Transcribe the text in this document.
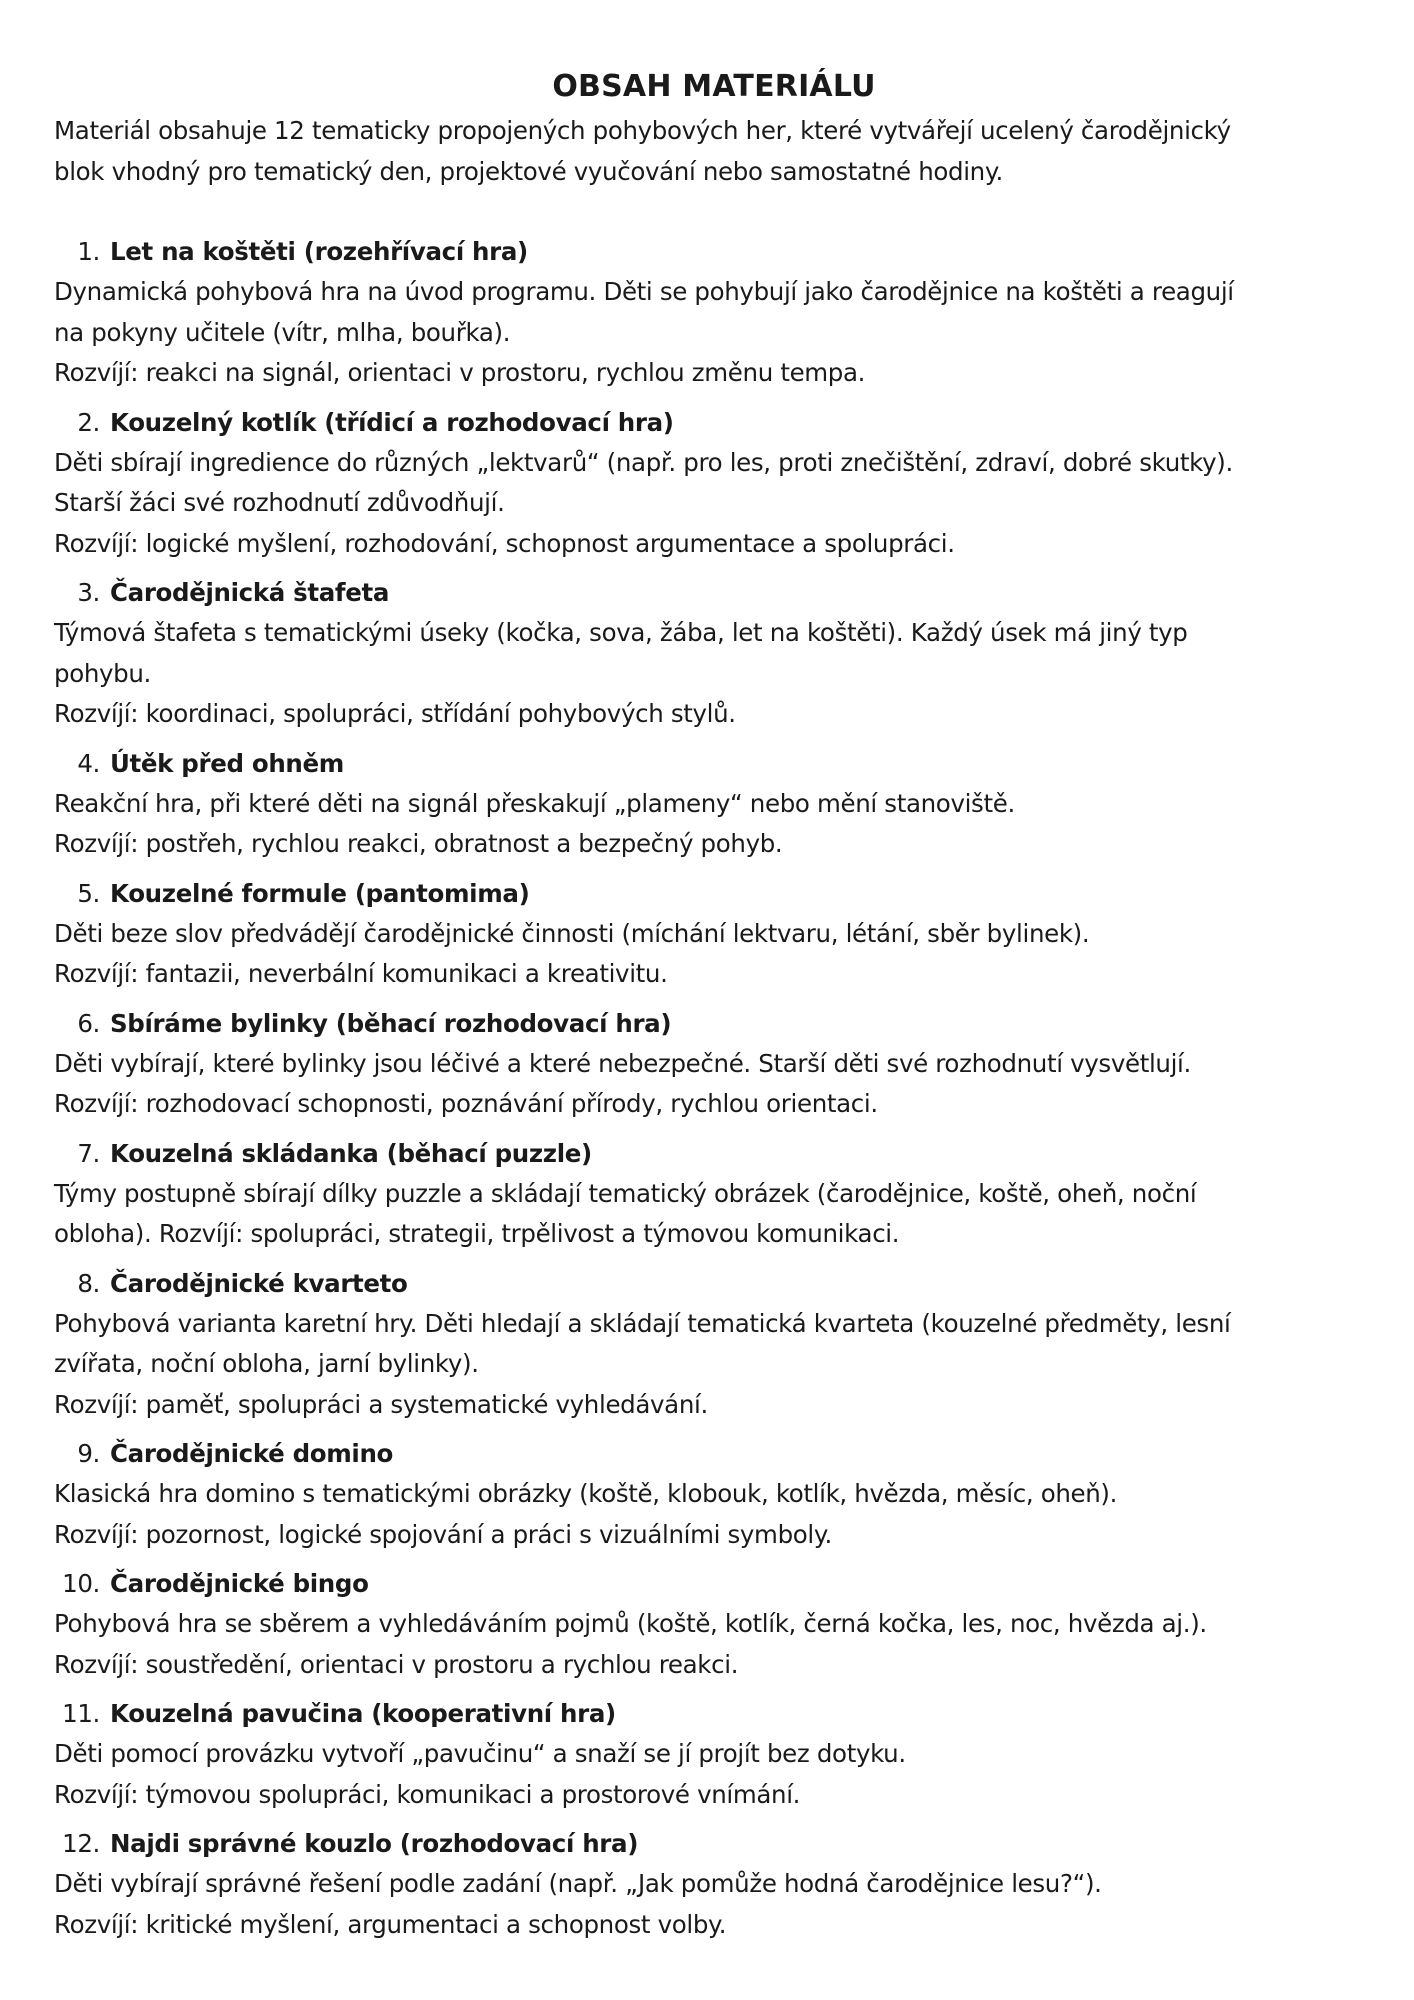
OBSAH MATERIÁLU
Materiál obsahuje 12 tematicky propojených pohybových her, které vytvářejí ucelený čarodějnický
blok vhodný pro tematický den, projektové vyučování nebo samostatné hodiny.
1. Let na koštěti (rozehřívací hra)
Dynamická pohybová hra na úvod programu. Děti se pohybují jako čarodějnice na koštěti a reagují
na pokyny učitele (vítr, mlha, bouřka).
Rozvíjí: reakci na signál, orientaci v prostoru, rychlou změnu tempa.
2. Kouzelný kotlík (třídicí a rozhodovací hra)
Děti sbírají ingredience do různých „lektvarů“ (např. pro les, proti znečištění, zdraví, dobré skutky).
Starší žáci své rozhodnutí zdůvodňují.
Rozvíjí: logické myšlení, rozhodování, schopnost argumentace a spolupráci.
3. Čarodějnická štafeta
Týmová štafeta s tematickými úseky (kočka, sova, žába, let na koštěti). Každý úsek má jiný typ
pohybu.
Rozvíjí: koordinaci, spolupráci, střídání pohybových stylů.
4. Útěk před ohněm
Reakční hra, při které děti na signál přeskakují „plameny“ nebo mění stanoviště.
Rozvíjí: postřeh, rychlou reakci, obratnost a bezpečný pohyb.
5. Kouzelné formule (pantomima)
Děti beze slov předvádějí čarodějnické činnosti (míchání lektvaru, létání, sběr bylinek).
Rozvíjí: fantazii, neverbální komunikaci a kreativitu.
6. Sbíráme bylinky (běhací rozhodovací hra)
Děti vybírají, které bylinky jsou léčivé a které nebezpečné. Starší děti své rozhodnutí vysvětlují.
Rozvíjí: rozhodovací schopnosti, poznávání přírody, rychlou orientaci.
7. Kouzelná skládanka (běhací puzzle)
Týmy postupně sbírají dílky puzzle a skládají tematický obrázek (čarodějnice, koště, oheň, noční
obloha). Rozvíjí: spolupráci, strategii, trpělivost a týmovou komunikaci.
8. Čarodějnické kvarteto
Pohybová varianta karetní hry. Děti hledají a skládají tematická kvarteta (kouzelné předměty, lesní
zvířata, noční obloha, jarní bylinky).
Rozvíjí: paměť, spolupráci a systematické vyhledávání.
9. Čarodějnické domino
Klasická hra domino s tematickými obrázky (koště, klobouk, kotlík, hvězda, měsíc, oheň).
Rozvíjí: pozornost, logické spojování a práci s vizuálními symboly.
10. Čarodějnické bingo
Pohybová hra se sběrem a vyhledáváním pojmů (koště, kotlík, černá kočka, les, noc, hvězda aj.).
Rozvíjí: soustředění, orientaci v prostoru a rychlou reakci.
11. Kouzelná pavučina (kooperativní hra)
Děti pomocí provázku vytvoří „pavučinu“ a snaží se jí projít bez dotyku.
Rozvíjí: týmovou spolupráci, komunikaci a prostorové vnímání.
12. Najdi správné kouzlo (rozhodovací hra)
Děti vybírají správné řešení podle zadání (např. „Jak pomůže hodná čarodějnice lesu?“).
Rozvíjí: kritické myšlení, argumentaci a schopnost volby.
